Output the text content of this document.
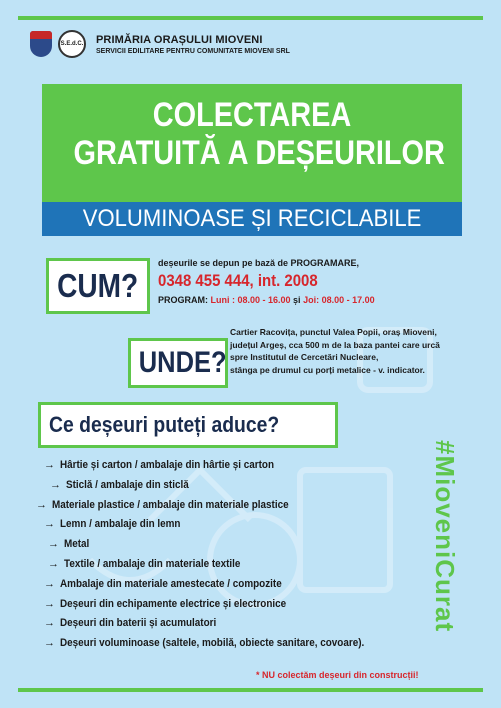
S.E.d.C. PRIMĂRIA ORAȘULUI MIOVENI
SERVICII EDILITARE PENTRU COMUNITATE MIOVENI SRL
COLECTAREA
GRATUITĂ A DEȘEURILOR
VOLUMINOASE ȘI RECICLABILE
CUM?
deșeurile se depun pe bază de PROGRAMARE,
0348 455 444, int. 2008
PROGRAM: Luni : 08.00 - 16.00 și Joi: 08.00 - 17.00
UNDE?
Cartier Racovița, punctul Valea Popii, oraș Mioveni,
județul Argeș, cca 500 m de la baza pantei care urcă
spre Institutul de Cercetări Nucleare,
stânga pe drumul cu porți metalice - v. indicator.
Ce deșeuri puteți aduce?
→ Hârtie și carton / ambalaje din hârtie și carton
→ Sticlă / ambalaje din sticlă
→ Materiale plastice / ambalaje din materiale plastice
→ Lemn / ambalaje din lemn
→ Metal
→ Textile / ambalaje din materiale textile
→ Ambalaje din materiale amestecate / compozite
→ Deșeuri din echipamente electrice și electronice
→ Deșeuri din baterii și acumulatori
→ Deșeuri voluminoase (saltele, mobilă, obiecte sanitare, covoare).
#MioveniCurat
* NU colectăm deșeuri din construcții!
